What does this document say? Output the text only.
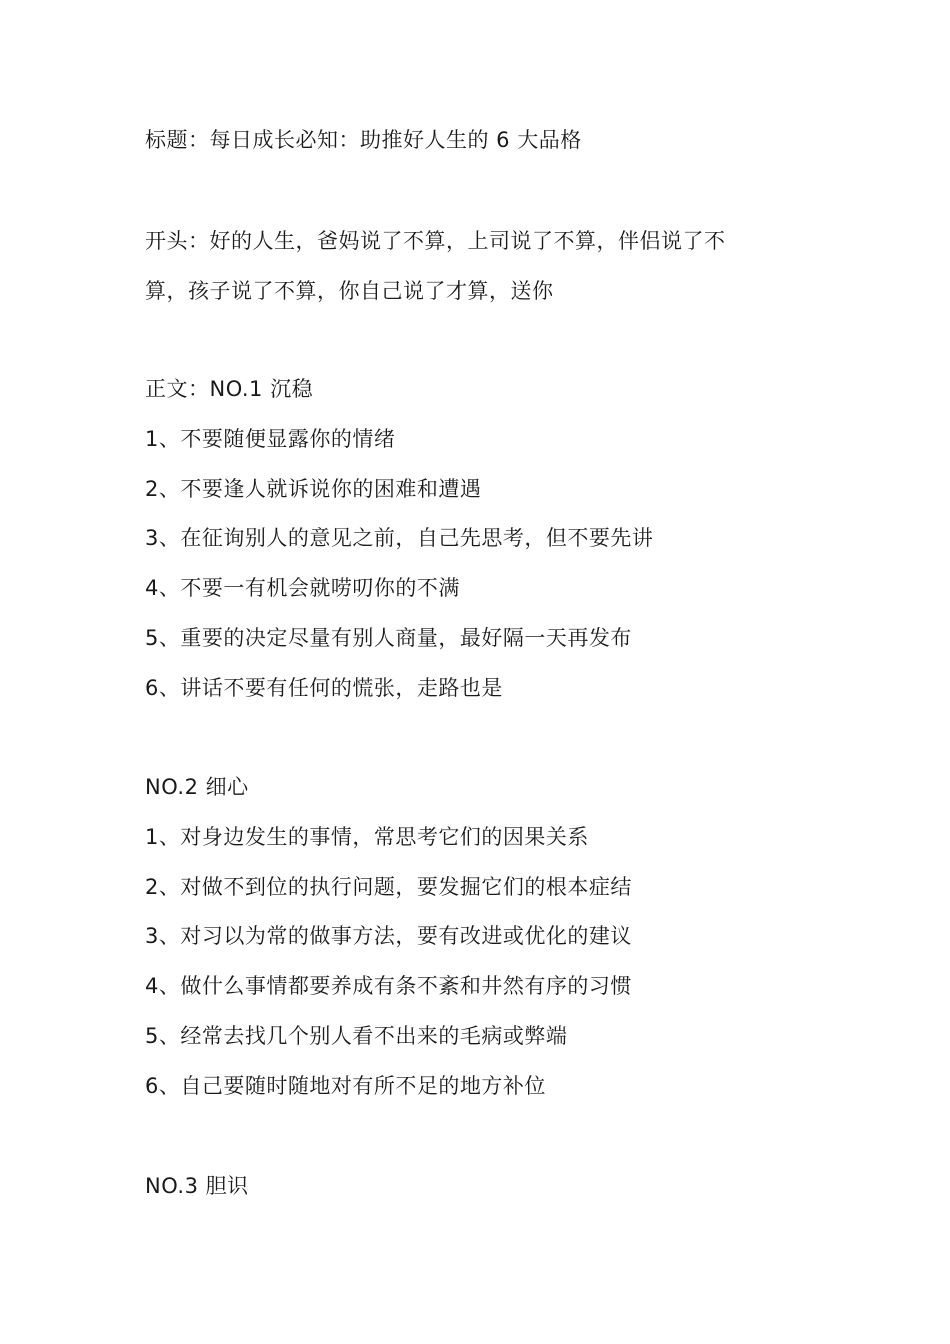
标题：每日成长必知：助推好人生的 6 大品格
开头：好的人生，爸妈说了不算，上司说了不算，伴侣说了不
算，孩子说了不算，你自己说了才算，送你
正文：NO.1 沉稳
1、不要随便显露你的情绪
2、不要逢人就诉说你的困难和遭遇
3、在征询别人的意见之前，自己先思考，但不要先讲
4、不要一有机会就唠叨你的不满
5、重要的决定尽量有别人商量，最好隔一天再发布
6、讲话不要有任何的慌张，走路也是
NO.2 细心
1、对身边发生的事情，常思考它们的因果关系
2、对做不到位的执行问题，要发掘它们的根本症结
3、对习以为常的做事方法，要有改进或优化的建议
4、做什么事情都要养成有条不紊和井然有序的习惯
5、经常去找几个别人看不出来的毛病或弊端
6、自己要随时随地对有所不足的地方补位
NO.3 胆识
